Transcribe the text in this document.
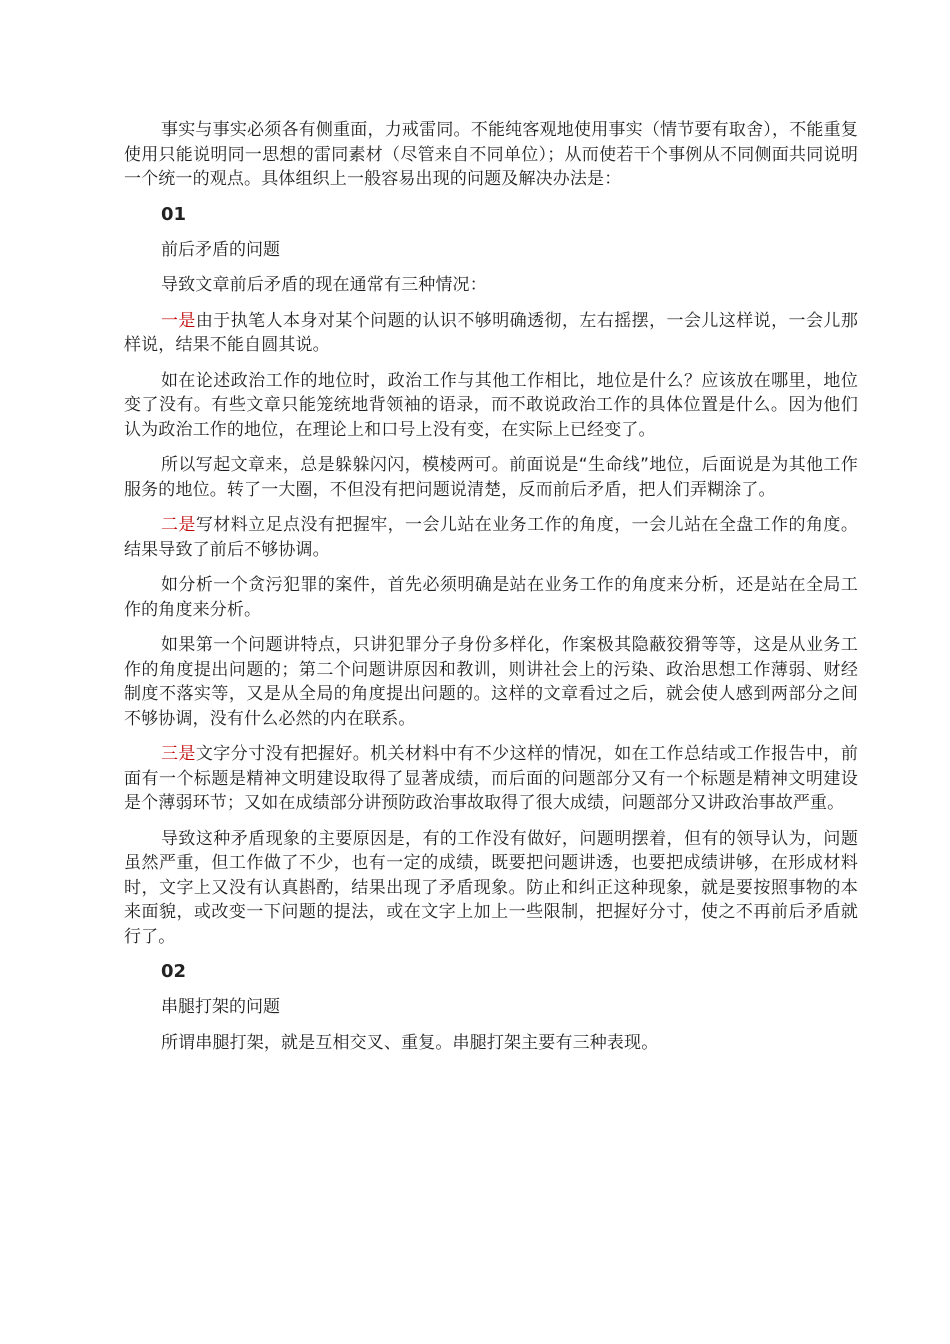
事实与事实必须各有侧重面，力戒雷同。不能纯客观地使用事实（情节要有取舍），不能重复使用只能说明同一思想的雷同素材（尽管来自不同单位）；从而使若干个事例从不同侧面共同说明一个统一的观点。具体组织上一般容易出现的问题及解决办法是：

01

前后矛盾的问题

导致文章前后矛盾的现在通常有三种情况：

一是由于执笔人本身对某个问题的认识不够明确透彻，左右摇摆，一会儿这样说，一会儿那样说，结果不能自圆其说。

如在论述政治工作的地位时，政治工作与其他工作相比，地位是什么？应该放在哪里，地位变了没有。有些文章只能笼统地背领袖的语录，而不敢说政治工作的具体位置是什么。因为他们认为政治工作的地位，在理论上和口号上没有变，在实际上已经变了。

所以写起文章来，总是躲躲闪闪，模棱两可。前面说是“生命线”地位，后面说是为其他工作服务的地位。转了一大圈，不但没有把问题说清楚，反而前后矛盾，把人们弄糊涂了。

二是写材料立足点没有把握牢，一会儿站在业务工作的角度，一会儿站在全盘工作的角度。结果导致了前后不够协调。

如分析一个贪污犯罪的案件，首先必须明确是站在业务工作的角度来分析，还是站在全局工作的角度来分析。

如果第一个问题讲特点，只讲犯罪分子身份多样化，作案极其隐蔽狡猾等等，这是从业务工作的角度提出问题的；第二个问题讲原因和教训，则讲社会上的污染、政治思想工作薄弱、财经制度不落实等，又是从全局的角度提出问题的。这样的文章看过之后，就会使人感到两部分之间不够协调，没有什么必然的内在联系。

三是文字分寸没有把握好。机关材料中有不少这样的情况，如在工作总结或工作报告中，前面有一个标题是精神文明建设取得了显著成绩，而后面的问题部分又有一个标题是精神文明建设是个薄弱环节；又如在成绩部分讲预防政治事故取得了很大成绩，问题部分又讲政治事故严重。

导致这种矛盾现象的主要原因是，有的工作没有做好，问题明摆着，但有的领导认为，问题虽然严重，但工作做了不少，也有一定的成绩，既要把问题讲透，也要把成绩讲够，在形成材料时，文字上又没有认真斟酌，结果出现了矛盾现象。防止和纠正这种现象，就是要按照事物的本来面貌，或改变一下问题的提法，或在文字上加上一些限制，把握好分寸，使之不再前后矛盾就行了。

02

串腿打架的问题

所谓串腿打架，就是互相交叉、重复。串腿打架主要有三种表现。
